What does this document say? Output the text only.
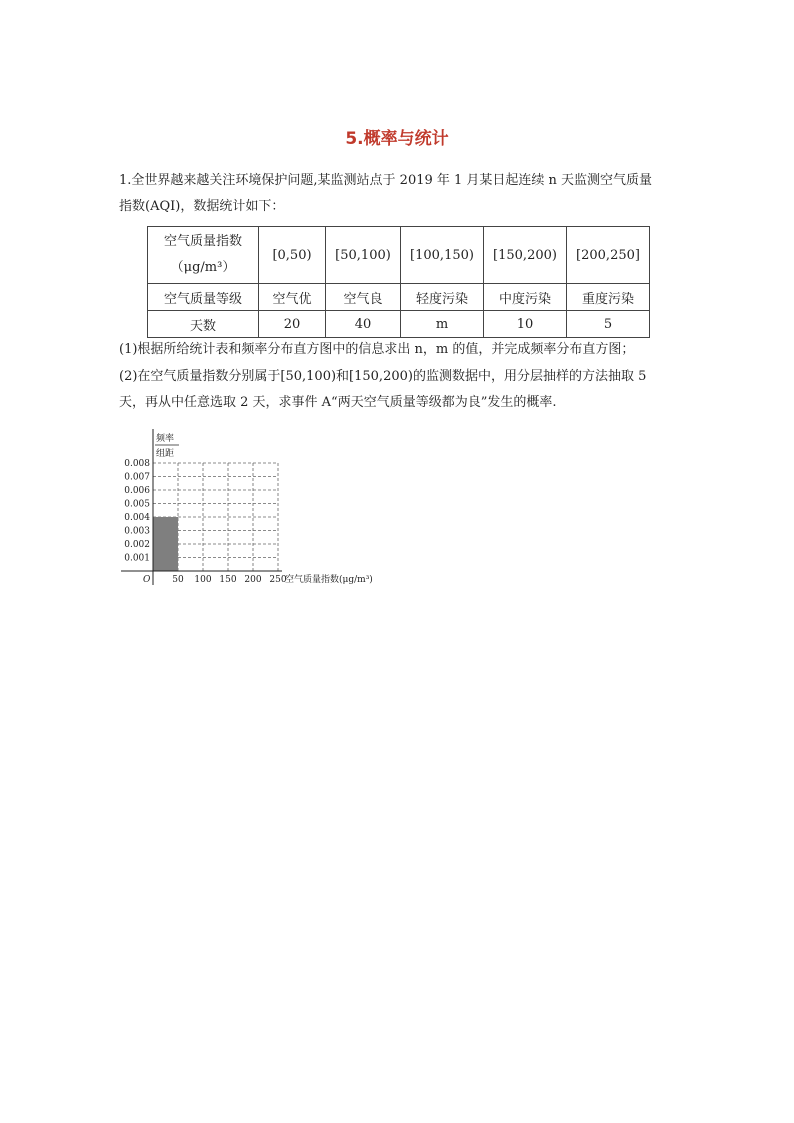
5.概率与统计
1.全世界越来越关注环境保护问题,某监测站点于 2019 年 1 月某日起连续 n 天监测空气质量
指数(AQⅠ)，数据统计如下：
空气质量指数
（μg/m³）	[0,50)	[50,100)	[100,150)	[150,200)	[200,250]
空气质量等级	空气优	空气良	轻度污染	中度污染	重度污染
天数	20	40	m	10	5
(1)根据所给统计表和频率分布直方图中的信息求出 n，m 的值，并完成频率分布直方图；
(2)在空气质量指数分别属于[50,100)和[150,200)的监测数据中，用分层抽样的方法抽取 5
天，再从中任意选取 2 天，求事件 A“两天空气质量等级都为良”发生的概率.
0.001
0.002
0.003
0.004
0.005
0.006
0.007
0.008
50 100 150 200 250
O	空气质量指数(μg/m³)
频率
组距
